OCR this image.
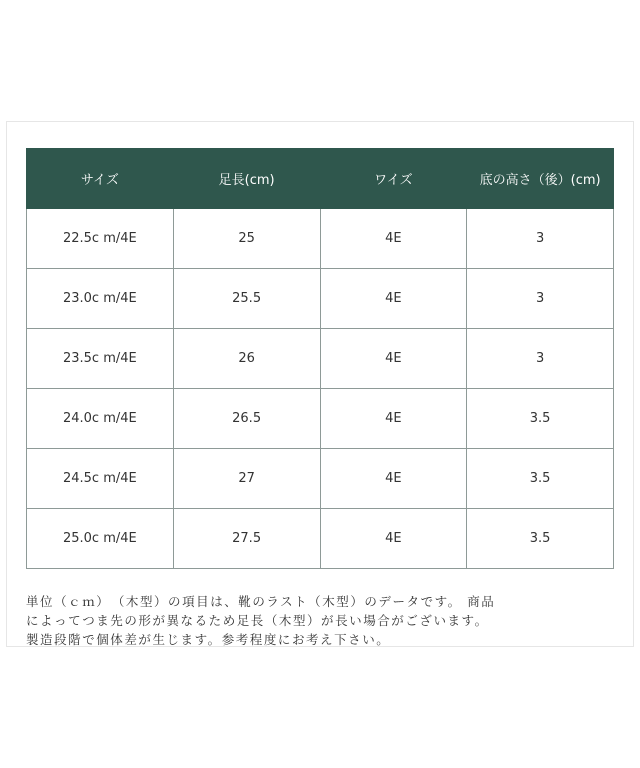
サイズ	足長(cm)	ワイズ	底の高さ（後）(cm)
22.5c m/4E	25	4E	3
23.0c m/4E	25.5	4E	3
23.5c m/4E	26	4E	3
24.0c m/4E	26.5	4E	3.5
24.5c m/4E	27	4E	3.5
25.0c m/4E	27.5	4E	3.5
単位（ｃｍ）　（木型）の項目は、靴のラスト（木型）のデータです。 商品
によってつま先の形が異なるため足長（木型）が長い場合がございます。
製造段階で個体差が生じます。参考程度にお考え下さい。
